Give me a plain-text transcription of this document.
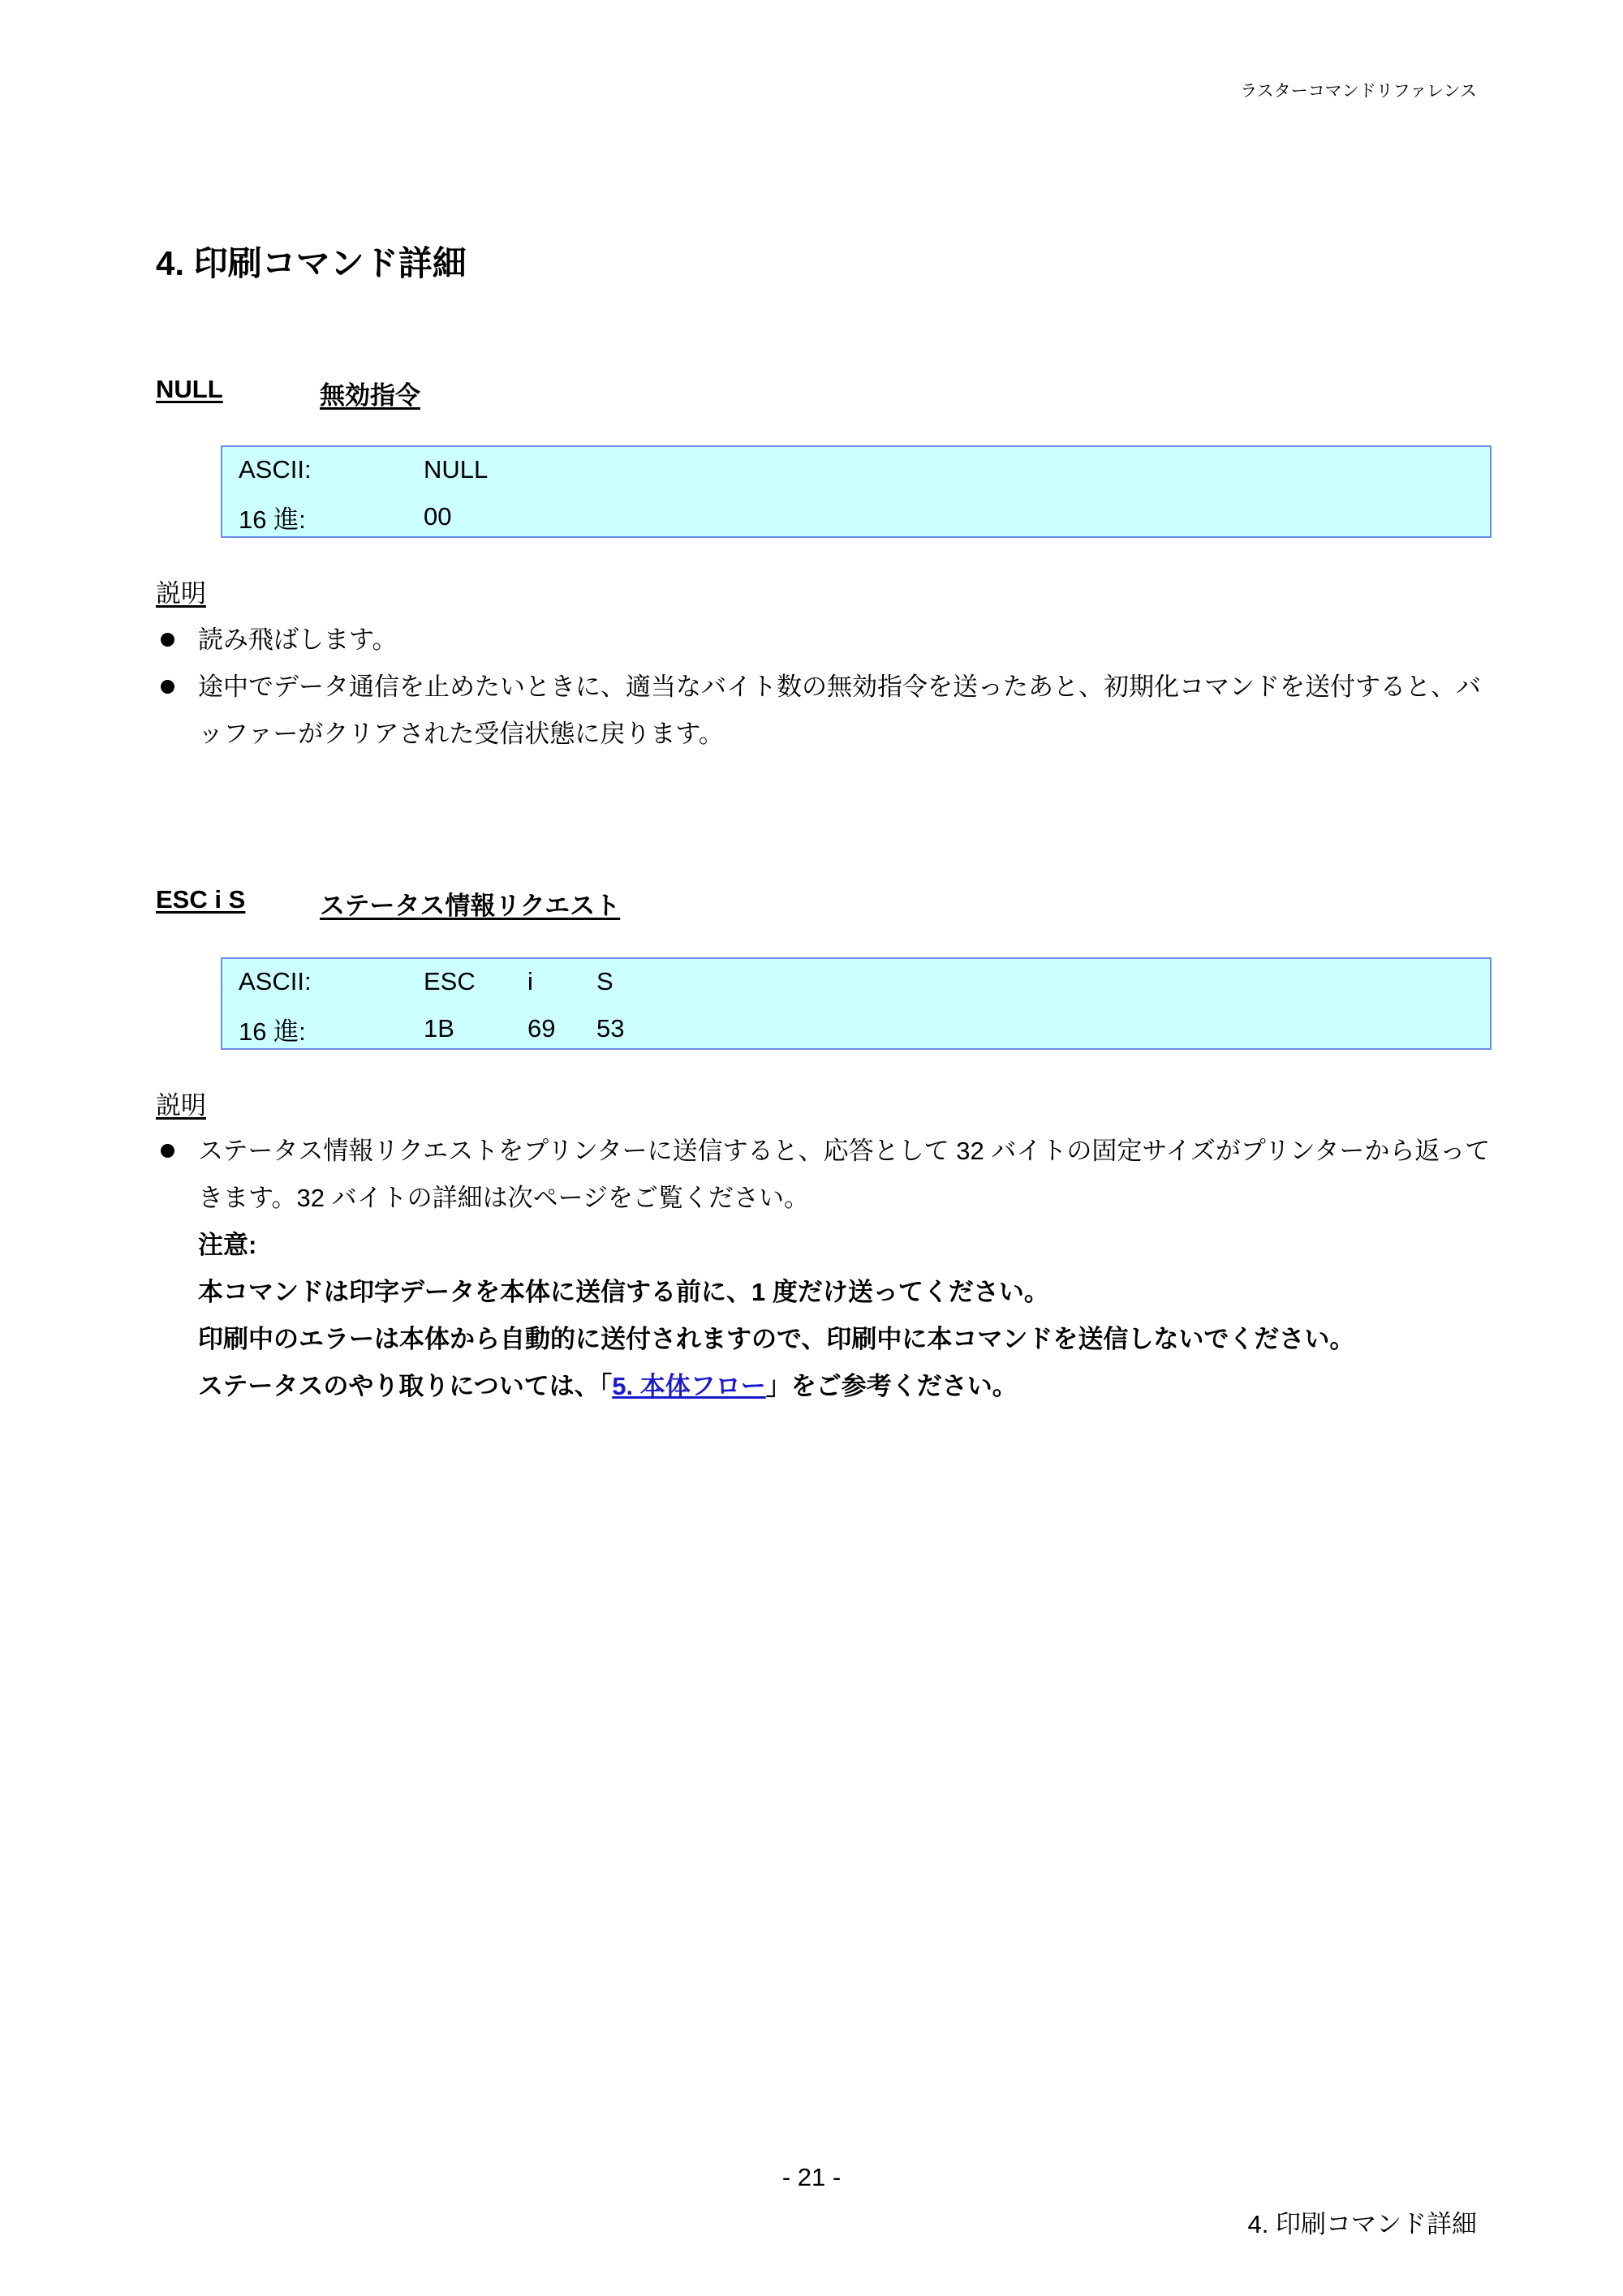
ラスターコマンドリファレンス
4. 印刷コマンド詳細
NULL	無効指令
ASCII:	NULL
16 進:	00
説明
読み飛ばします。
途中でデータ通信を止めたいときに、適当なバイト数の無効指令を送ったあと、初期化コマンドを送付すると、バッファーがクリアされた受信状態に戻ります。
ESC i S	ステータス情報リクエスト
ASCII:	ESC	i	S
16 進:	1B	69	53
説明
ステータス情報リクエストをプリンターに送信すると、応答として 32 バイトの固定サイズがプリンターから返ってきます。32 バイトの詳細は次ページをご覧ください。
注意:
本コマンドは印字データを本体に送信する前に、1 度だけ送ってください。
印刷中のエラーは本体から自動的に送付されますので、印刷中に本コマンドを送信しないでください。
ステータスのやり取りについては、「5. 本体フロー」をご参考ください。
- 21 -
4. 印刷コマンド詳細
